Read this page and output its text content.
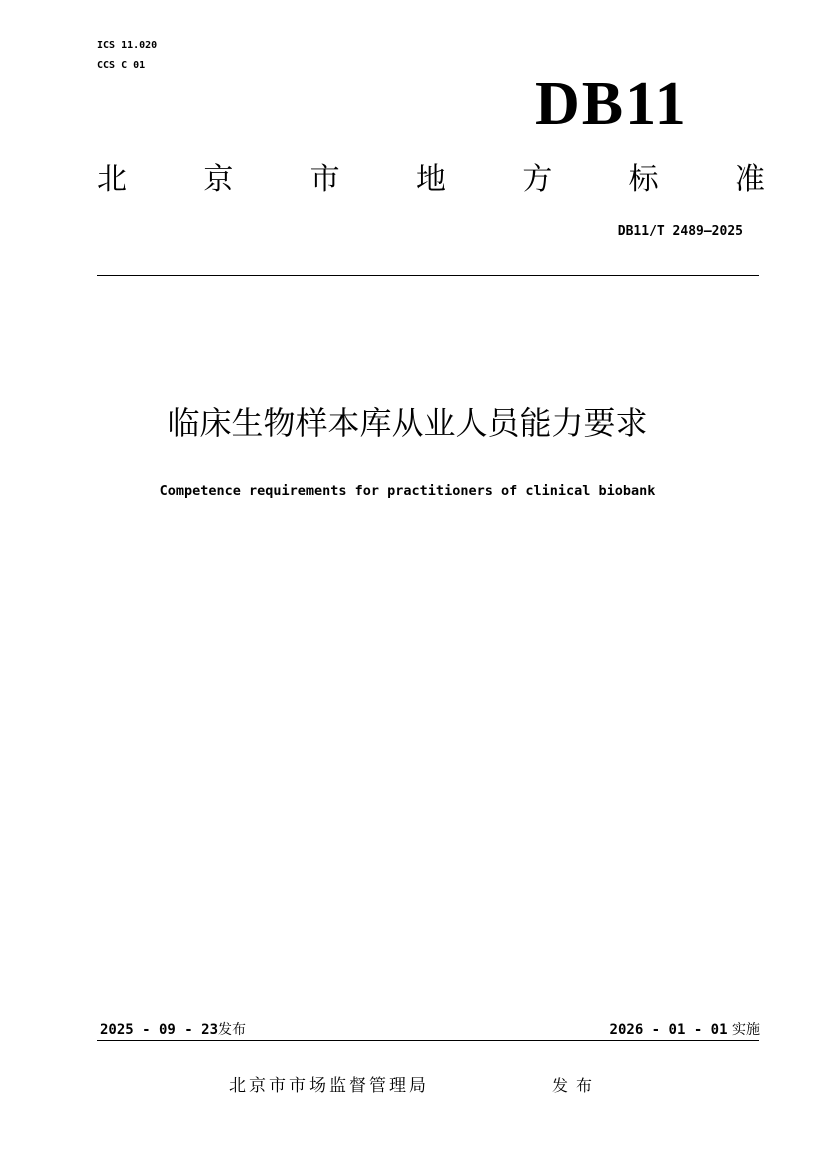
ICS 11.020
CCS C 01
DB11
北	京	市	地	方	标	准
DB11/T 2489—2025
临床生物样本库从业人员能力要求
Competence requirements for practitioners of clinical biobank
2025 - 09 - 23发布	2026 - 01 - 01 实施
北京市市场监督管理局	发布
